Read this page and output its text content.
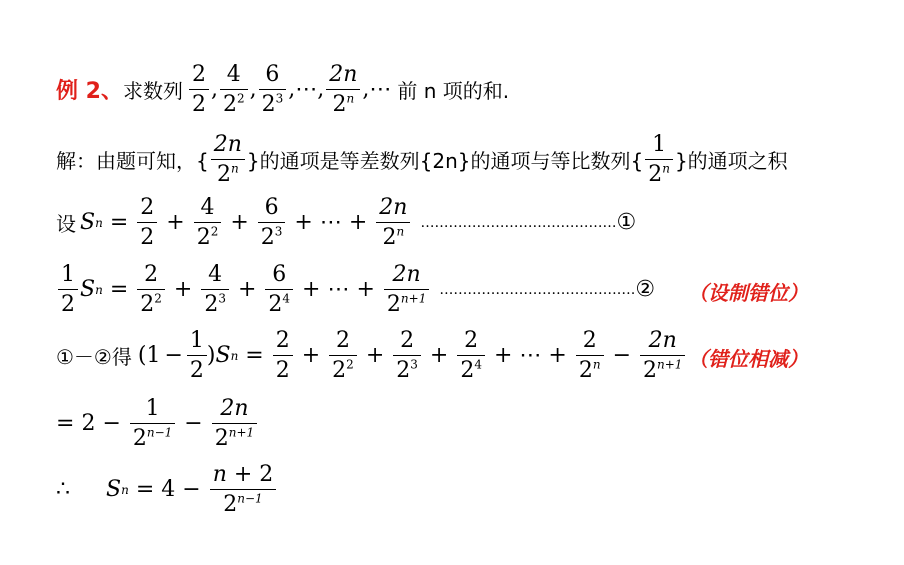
例 2、 求数列 $\frac{2}{2}$ , $\frac{4}{2^2}$ , $\frac{6}{2^3}$ ,⋯, $\frac{2n}{2^n}$ ,⋯ 前 n 项的和.
解：由题可知，{ $\frac{2n}{2^n}$ }的通项是等差数列{2n}的通项与等比数列{ $\frac{1}{2^n}$ }的通项之积
设 S $n = \frac{2}{2} + \frac{4}{2^2} + \frac{6}{2^3}$ + ⋯ + $\frac{2n}{2^n}$ …………………………………… ①
$\frac{1}{2}$ S $n = \frac{2}{2^2} + \frac{4}{2^3} + \frac{6}{2^4}$ + ⋯ + $\frac{2n}{2^{n+1}}$ …………………………………… ② （设制错位）
①－②得 ($1 - \frac{1}{2}$ ) S $n = \frac{2}{2} + \frac{2}{2^2} + \frac{2}{2^3} + \frac{2}{2^4}$ + ⋯ + $\frac{2}{2^n} - \frac{2n}{2^{n+1}}$ （错位相减）
= $2 - \frac{1}{2^{n-1}} - \frac{2n}{2^{n+1}}$
∴ S $n = 4 - \frac{n + 2}{2^{n-1}}$
